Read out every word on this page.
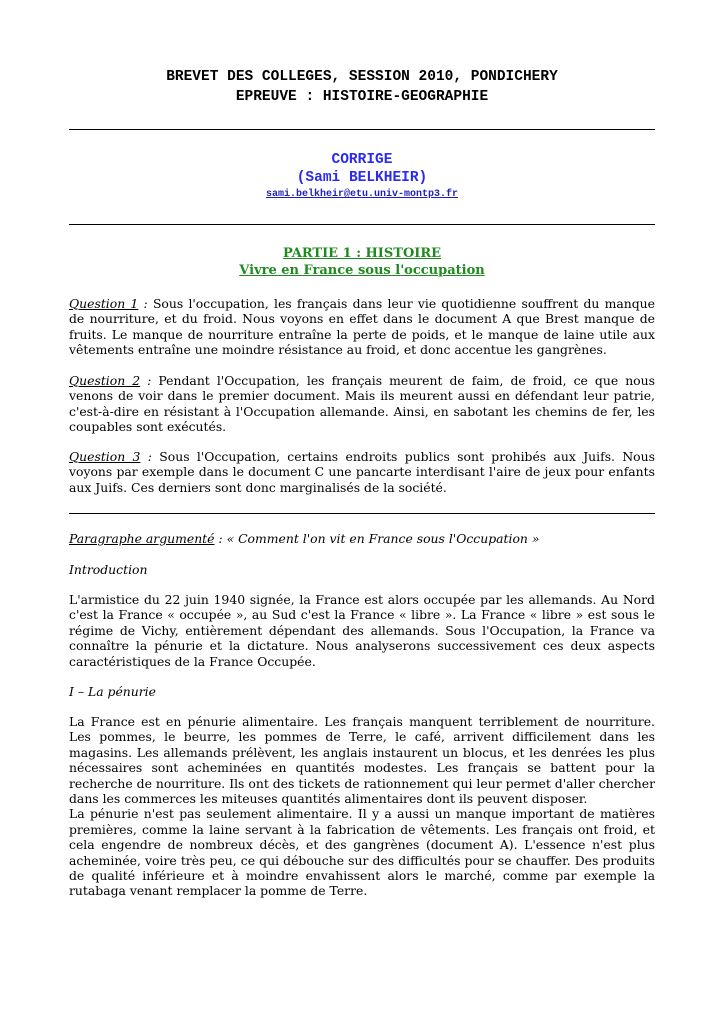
BREVET DES COLLEGES, SESSION 2010, PONDICHERY
EPREUVE : HISTOIRE-GEOGRAPHIE
CORRIGE
(Sami BELKHEIR)
sami.belkheir@etu.univ-montp3.fr
PARTIE 1 : HISTOIRE
Vivre en France sous l'occupation

Question 1 : Sous l'occupation, les français dans leur vie quotidienne souffrent du manque de nourriture, et du froid. Nous voyons en effet dans le document A que Brest manque de fruits. Le manque de nourriture entraîne la perte de poids, et le manque de laine utile aux vêtements entraîne une moindre résistance au froid, et donc accentue les gangrènes.

Question 2 : Pendant l'Occupation, les français meurent de faim, de froid, ce que nous venons de voir dans le premier document. Mais ils meurent aussi en défendant leur patrie, c'est-à-dire en résistant à l'Occupation allemande. Ainsi, en sabotant les chemins de fer, les coupables sont exécutés.

Question 3 : Sous l'Occupation, certains endroits publics sont prohibés aux Juifs. Nous voyons par exemple dans le document C une pancarte interdisant l'aire de jeux pour enfants aux Juifs. Ces derniers sont donc marginalisés de la société.

Paragraphe argumenté : « Comment l'on vit en France sous l'Occupation »

Introduction

L'armistice du 22 juin 1940 signée, la France est alors occupée par les allemands. Au Nord c'est la France « occupée », au Sud c'est la France « libre ». La France « libre » est sous le régime de Vichy, entièrement dépendant des allemands. Sous l'Occupation, la France va connaître la pénurie et la dictature. Nous analyserons successivement ces deux aspects caractéristiques de la France Occupée.

I – La pénurie

La France est en pénurie alimentaire. Les français manquent terriblement de nourriture. Les pommes, le beurre, les pommes de Terre, le café, arrivent difficilement dans les magasins. Les allemands prélèvent, les anglais instaurent un blocus, et les denrées les plus nécessaires sont acheminées en quantités modestes. Les français se battent pour la recherche de nourriture. Ils ont des tickets de rationnement qui leur permet d'aller chercher dans les commerces les miteuses quantités alimentaires dont ils peuvent disposer.

La pénurie n'est pas seulement alimentaire. Il y a aussi un manque important de matières premières, comme la laine servant à la fabrication de vêtements. Les français ont froid, et cela engendre de nombreux décès, et des gangrènes (document A). L'essence n'est plus acheminée, voire très peu, ce qui débouche sur des difficultés pour se chauffer. Des produits de qualité inférieure et à moindre envahissent alors le marché, comme par exemple la rutabaga venant remplacer la pomme de Terre.
